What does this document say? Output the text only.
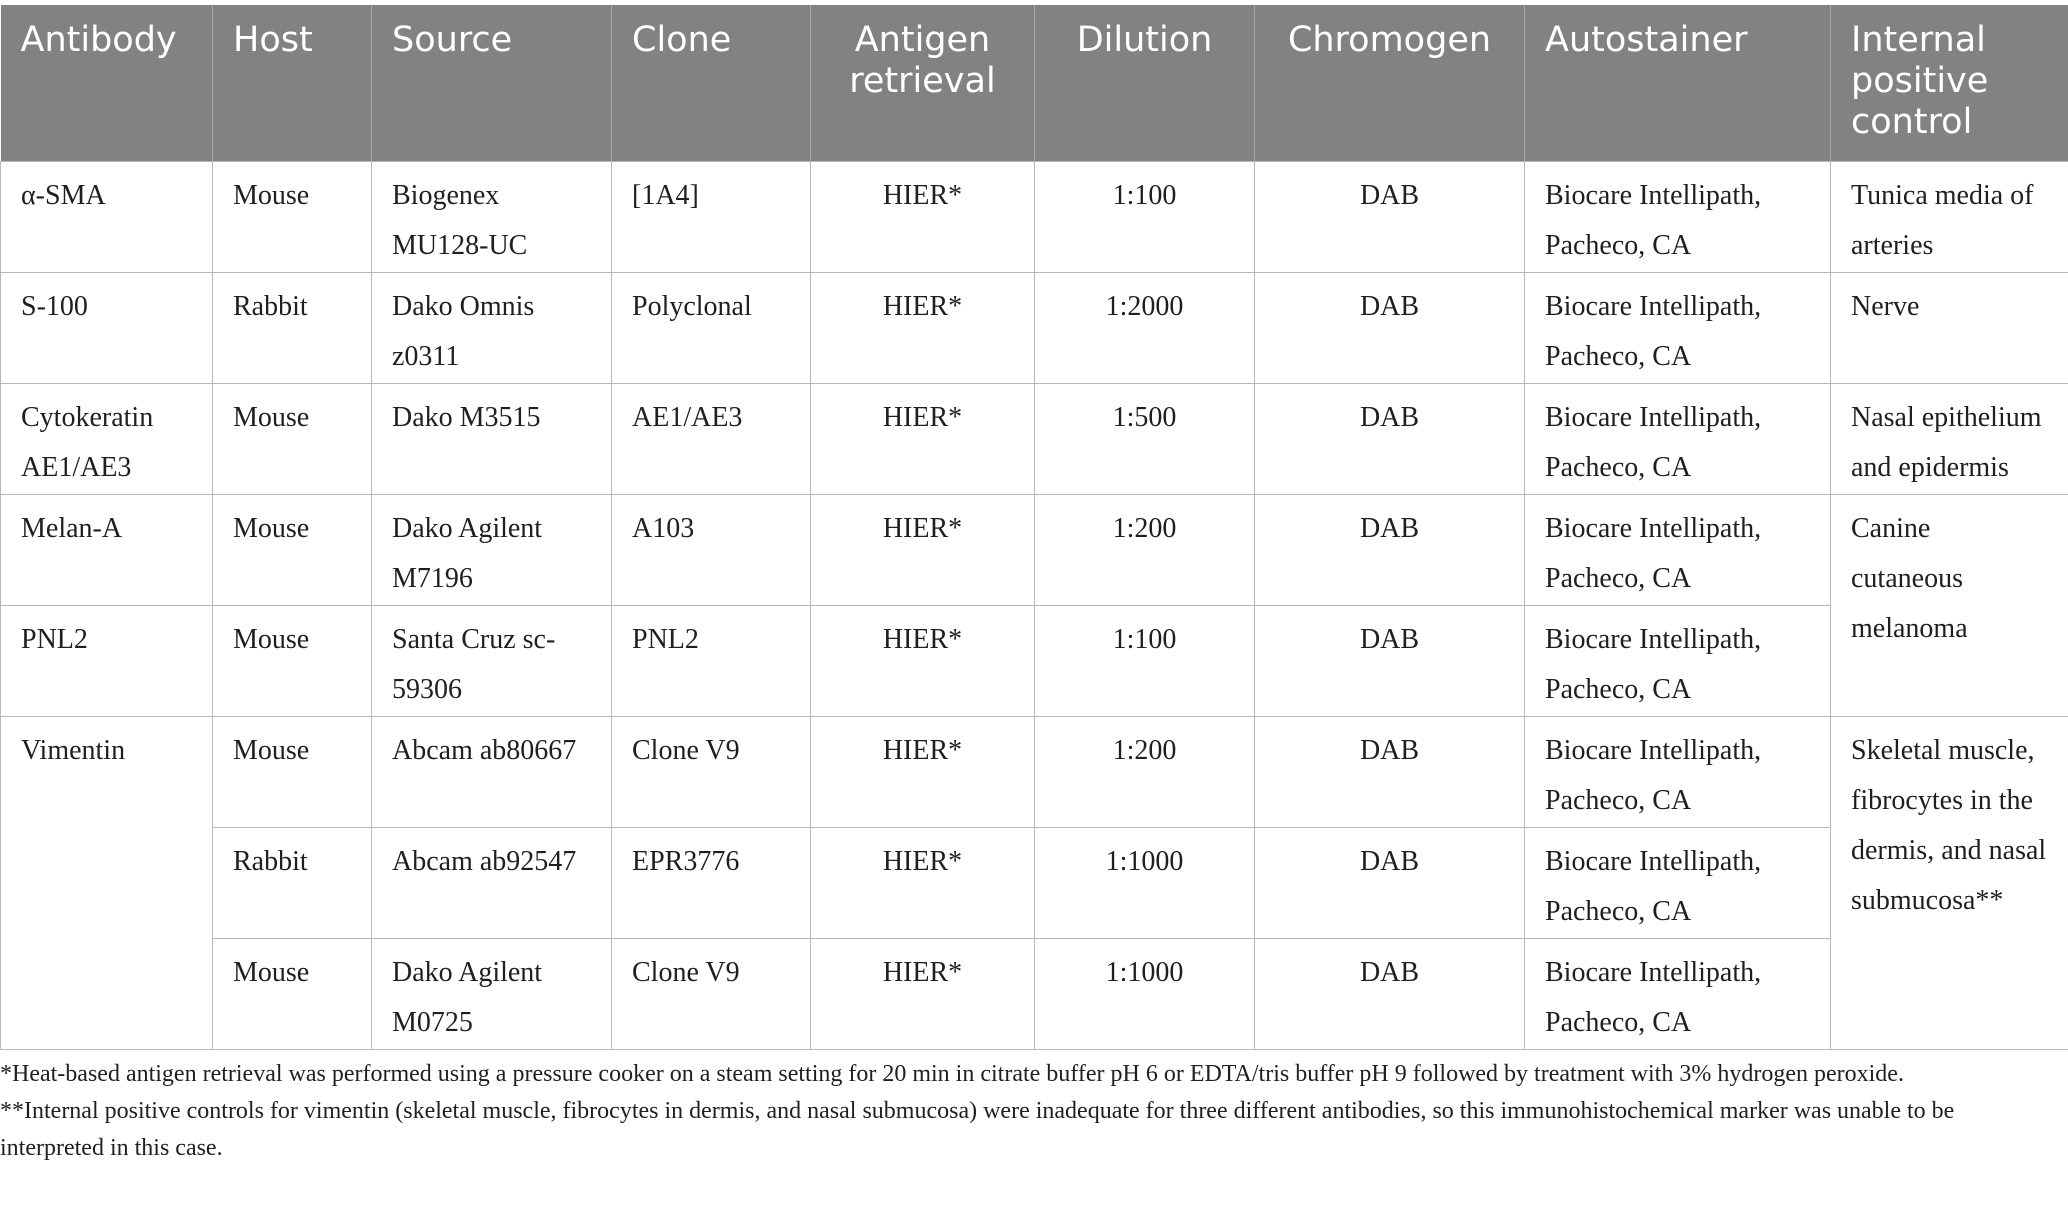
Antibody	Host	Source	Clone	Antigen retrieval	Dilution	Chromogen	Autostainer	Internal positive control
α-SMA	Mouse	Biogenex MU128-UC	[1A4]	HIER*	1:100	DAB	Biocare Intellipath, Pacheco, CA	Tunica media of arteries
S-100	Rabbit	Dako Omnis z0311	Polyclonal	HIER*	1:2000	DAB	Biocare Intellipath, Pacheco, CA	Nerve
Cytokeratin AE1/AE3	Mouse	Dako M3515	AE1/AE3	HIER*	1:500	DAB	Biocare Intellipath, Pacheco, CA	Nasal epithelium and epidermis
Melan-A	Mouse	Dako Agilent M7196	A103	HIER*	1:200	DAB	Biocare Intellipath, Pacheco, CA	Canine cutaneous melanoma
PNL2	Mouse	Santa Cruz sc-59306	PNL2	HIER*	1:100	DAB	Biocare Intellipath, Pacheco, CA	
Vimentin	Mouse	Abcam ab80667	Clone V9	HIER*	1:200	DAB	Biocare Intellipath, Pacheco, CA	Skeletal muscle, fibrocytes in the dermis, and nasal submucosa**
	Rabbit	Abcam ab92547	EPR3776	HIER*	1:1000	DAB	Biocare Intellipath, Pacheco, CA	
	Mouse	Dako Agilent M0725	Clone V9	HIER*	1:1000	DAB	Biocare Intellipath, Pacheco, CA	

*Heat-based antigen retrieval was performed using a pressure cooker on a steam setting for 20 min in citrate buffer pH 6 or EDTA/tris buffer pH 9 followed by treatment with 3% hydrogen peroxide.

**Internal positive controls for vimentin (skeletal muscle, fibrocytes in dermis, and nasal submucosa) were inadequate for three different antibodies, so this immunohistochemical marker was unable to be interpreted in this case.
